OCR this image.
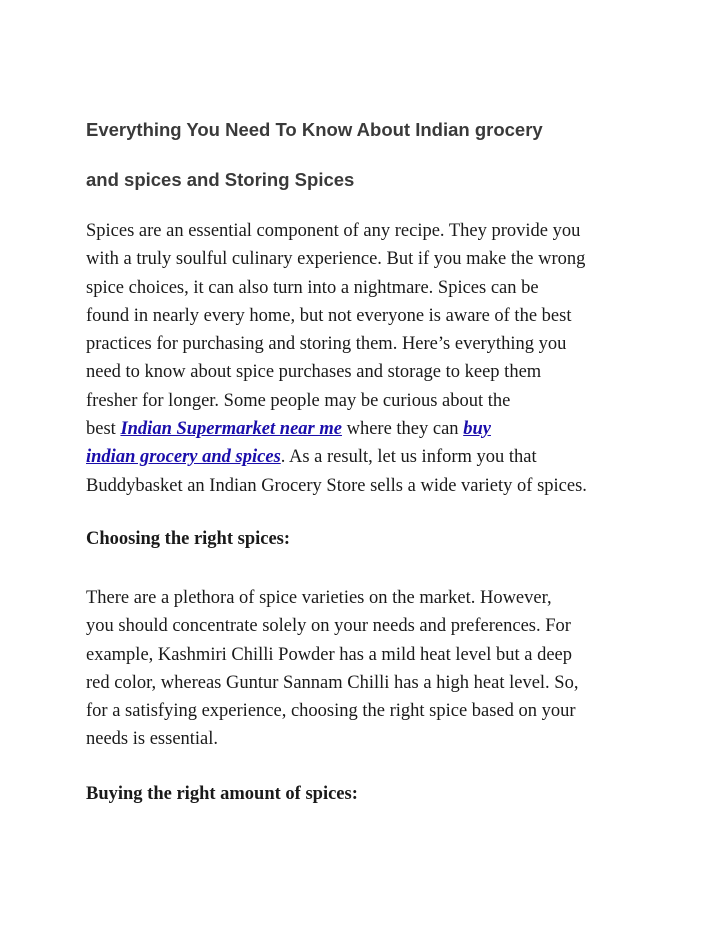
Everything You Need To Know About Indian grocery
and spices and Storing Spices

Spices are an essential component of any recipe. They provide you
with a truly soulful culinary experience. But if you make the wrong
spice choices, it can also turn into a nightmare. Spices can be
found in nearly every home, but not everyone is aware of the best
practices for purchasing and storing them. Here’s everything you
need to know about spice purchases and storage to keep them
fresher for longer. Some people may be curious about the
best Indian Supermarket near me where they can buy
indian grocery and spices. As a result, let us inform you that
Buddybasket an Indian Grocery Store sells a wide variety of spices.

Choosing the right spices:

There are a plethora of spice varieties on the market. However,
you should concentrate solely on your needs and preferences. For
example, Kashmiri Chilli Powder has a mild heat level but a deep
red color, whereas Guntur Sannam Chilli has a high heat level. So,
for a satisfying experience, choosing the right spice based on your
needs is essential.

Buying the right amount of spices:
